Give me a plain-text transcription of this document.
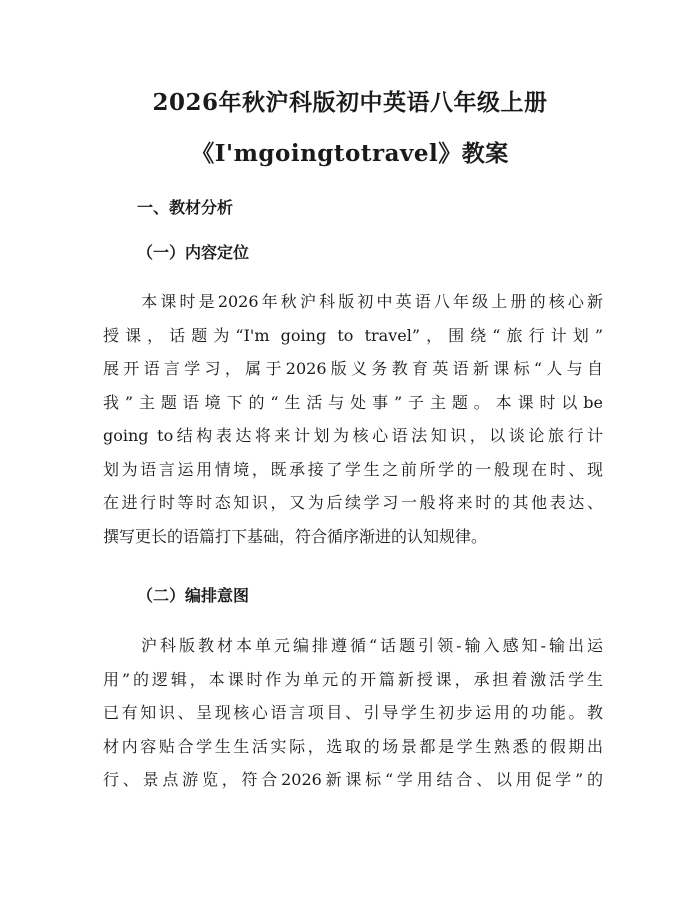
2026年秋沪科版初中英语八年级上册
《I'mgoingtotravel》教案
一、教材分析
（一）内容定位
　　本课时是2026年秋沪科版初中英语八年级上册的核心新
授课，话题为“I'm going to travel”，围绕“旅行计划”
展开语言学习，属于2026版义务教育英语新课标“人与自
我”主题语境下的“生活与处事”子主题。本课时以be
going to结构表达将来计划为核心语法知识，以谈论旅行计
划为语言运用情境，既承接了学生之前所学的一般现在时、现
在进行时等时态知识，又为后续学习一般将来时的其他表达、
撰写更长的语篇打下基础，符合循序渐进的认知规律。
（二）编排意图
　　沪科版教材本单元编排遵循“话题引领-输入感知-输出运
用”的逻辑，本课时作为单元的开篇新授课，承担着激活学生
已有知识、呈现核心语言项目、引导学生初步运用的功能。教
材内容贴合学生生活实际，选取的场景都是学生熟悉的假期出
行、景点游览，符合2026新课标“学用结合、以用促学”的
